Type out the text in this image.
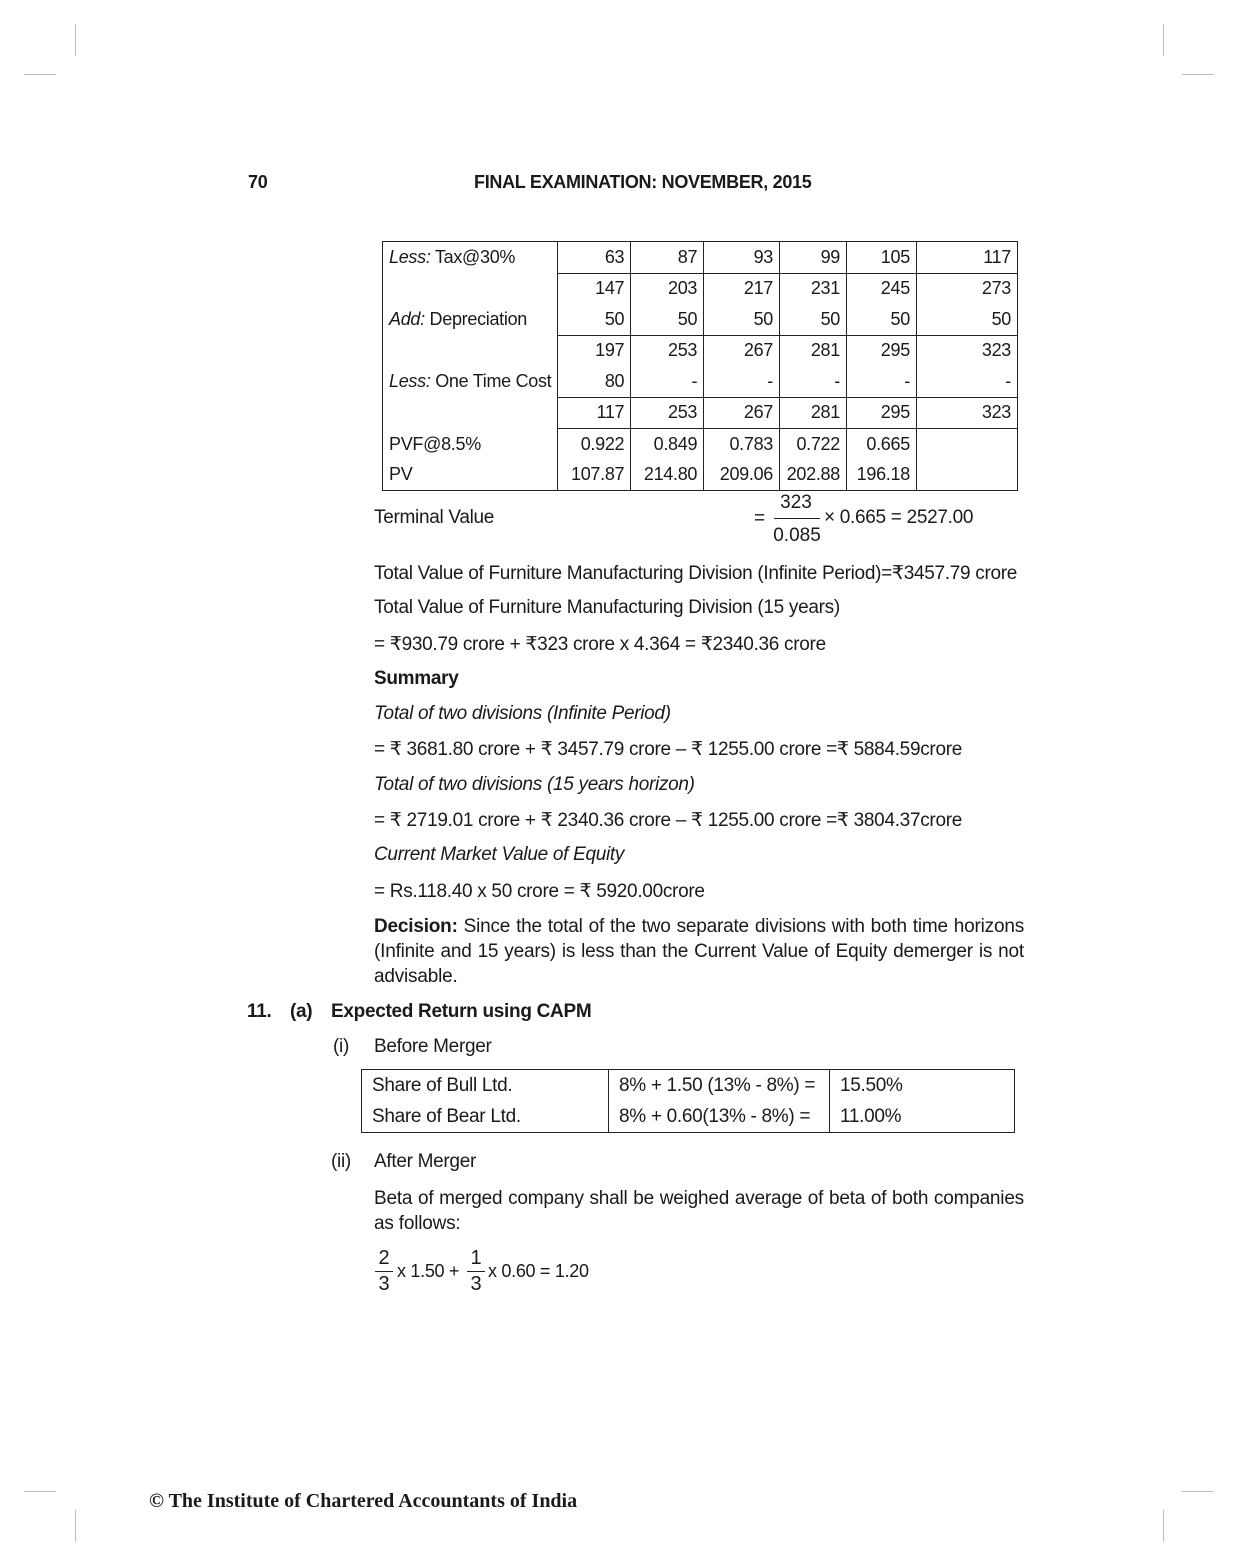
70	FINAL EXAMINATION: NOVEMBER, 2015
Less: Tax@30%	63	87	93	99	105	117
	147	203	217	231	245	273
Add: Depreciation	50	50	50	50	50	50
	197	253	267	281	295	323
Less: One Time Cost	80	-	-	-	-	-
	117	253	267	281	295	323
PVF@8.5%	0.922	0.849	0.783	0.722	0.665	
PV	107.87	214.80	209.06	202.88	196.18	
Terminal Value	=
323
0.085
× 0.665 = 2527.00
Total Value of Furniture Manufacturing Division (Infinite Period)=₹3457.79 crore
Total Value of Furniture Manufacturing Division (15 years)
= ₹930.79 crore + ₹323 crore x 4.364 = ₹2340.36 crore
Summary
Total of two divisions (Infinite Period)
= ₹ 3681.80 crore + ₹ 3457.79 crore – ₹ 1255.00 crore =₹ 5884.59crore
Total of two divisions (15 years horizon)
= ₹ 2719.01 crore + ₹ 2340.36 crore – ₹ 1255.00 crore =₹ 3804.37crore
Current Market Value of Equity
= Rs.118.40 x 50 crore = ₹ 5920.00crore
Decision: Since the total of the two separate divisions with both time horizons (Infinite and 15 years) is less than the Current Value of Equity demerger is not advisable.
11. (a) Expected Return using CAPM
(i) Before Merger
Share of Bull Ltd.	8% + 1.50 (13% - 8%) =	15.50%
Share of Bear Ltd.	8% + 0.60(13% - 8%) =	11.00%
(ii) After Merger
Beta of merged company shall be weighed average of beta of both companies as follows:
2
3
x 1.50 +
1
3
x 0.60 = 1.20
© The Institute of Chartered Accountants of India
